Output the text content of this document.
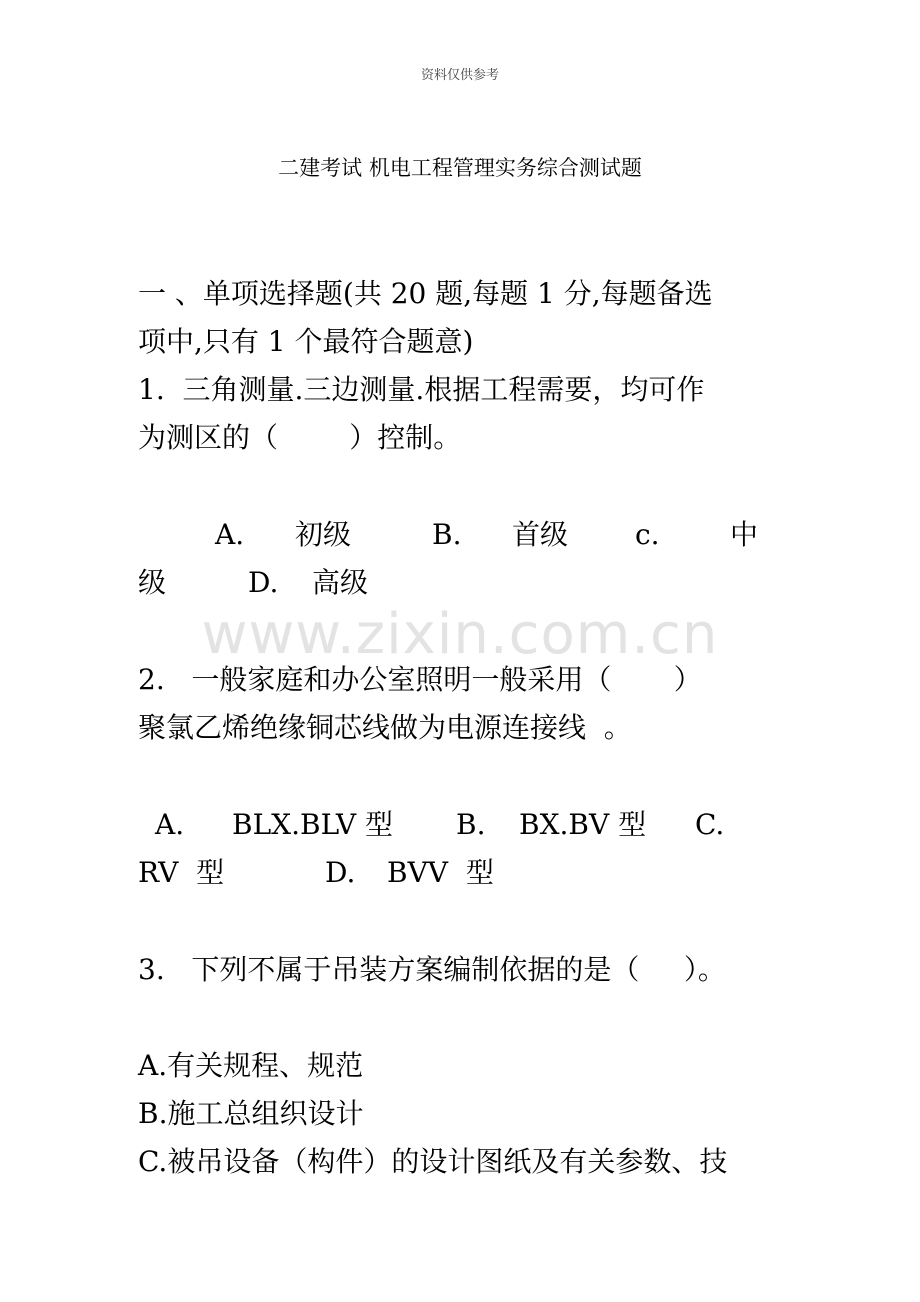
资料仅供参考
二建考试 机电工程管理实务综合测试题
www.zixin.com.cn
一 、单项选择题(共 20 题,每题 1 分,每题备选
项中,只有 1 个最符合题意)
1.  三角测量.三边测量.根据工程需要，均可作
为测区的（        ）控制。
A. 初级	B. 首级 c.	中
级	D. 高级
2.   一般家庭和办公室照明一般采用（       ）
聚氯乙烯绝缘铜芯线做为电源连接线  。
A. BLX.BLV 型 B. BX.BV 型 C.
RV  型	D. BVV  型
3.   下列不属于吊装方案编制依据的是（     ）。
A.有关规程、规范
B.施工总组织设计
C.被吊设备（构件）的设计图纸及有关参数、技
